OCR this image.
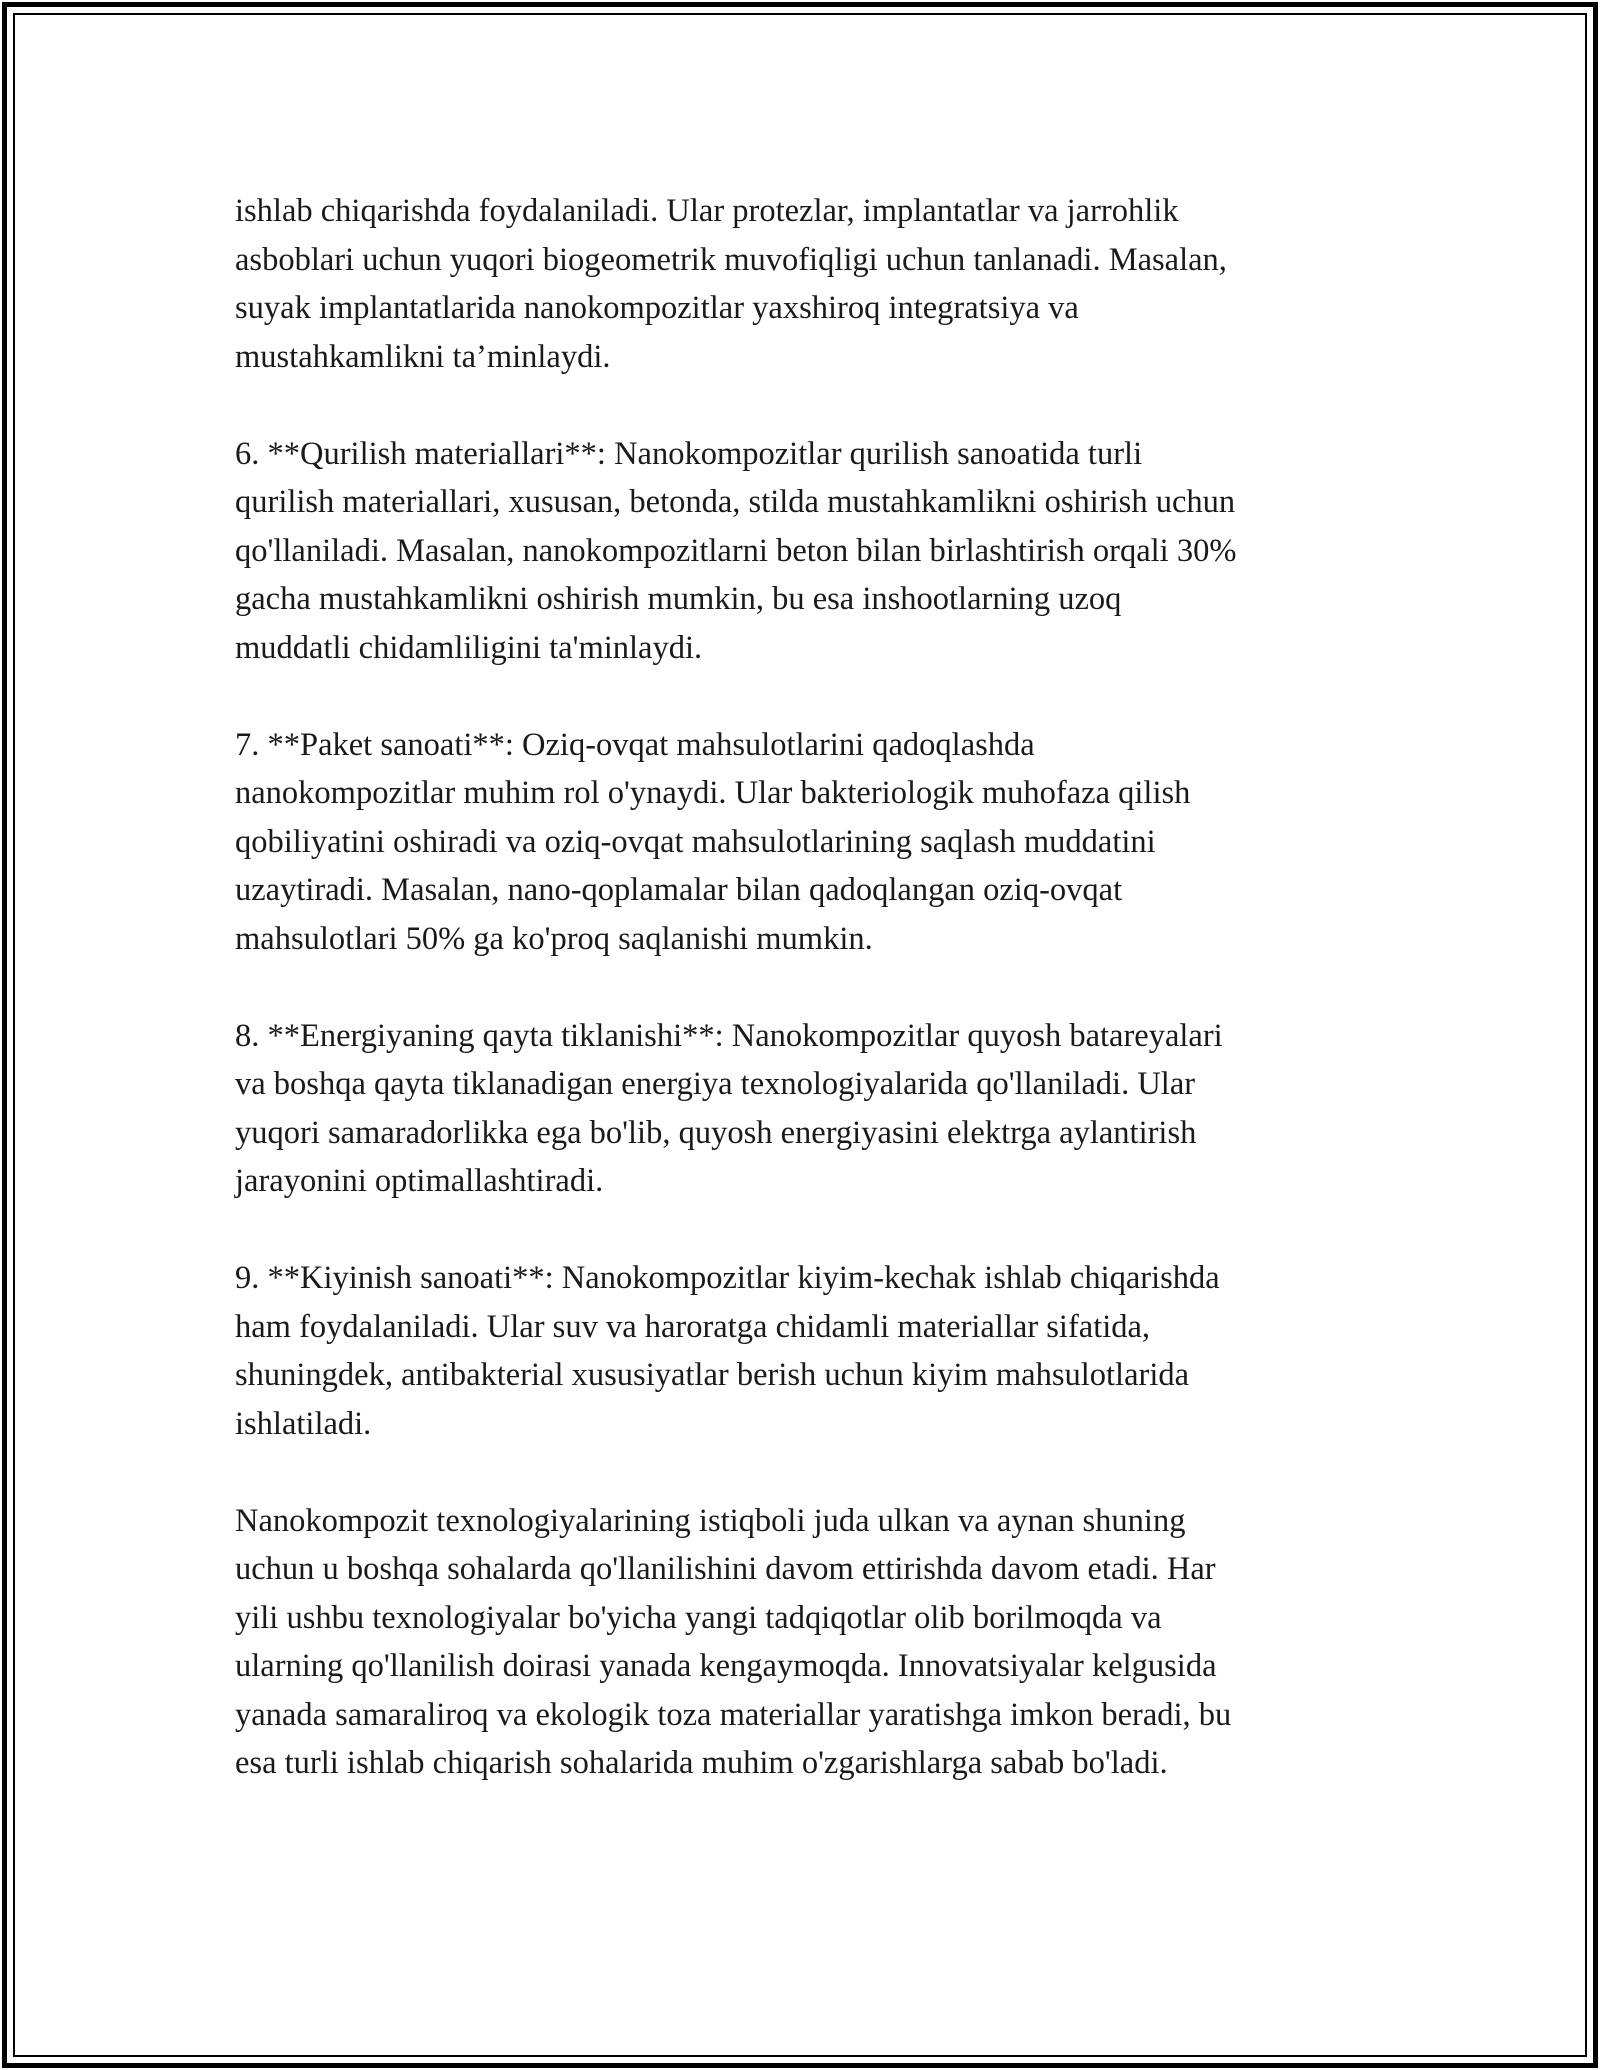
ishlab chiqarishda foydalaniladi. Ular protezlar, implantatlar va jarrohlik
asboblari uchun yuqori biogeometrik muvofiqligi uchun tanlanadi. Masalan,
suyak implantatlarida nanokompozitlar yaxshiroq integratsiya va
mustahkamlikni ta’minlaydi.

6. **Qurilish materiallari**: Nanokompozitlar qurilish sanoatida turli
qurilish materiallari, xususan, betonda, stilda mustahkamlikni oshirish uchun
qo'llaniladi. Masalan, nanokompozitlarni beton bilan birlashtirish orqali 30%
gacha mustahkamlikni oshirish mumkin, bu esa inshootlarning uzoq
muddatli chidamliligini ta'minlaydi.

7. **Paket sanoati**: Oziq-ovqat mahsulotlarini qadoqlashda
nanokompozitlar muhim rol o'ynaydi. Ular bakteriologik muhofaza qilish
qobiliyatini oshiradi va oziq-ovqat mahsulotlarining saqlash muddatini
uzaytiradi. Masalan, nano-qoplamalar bilan qadoqlangan oziq-ovqat
mahsulotlari 50% ga ko'proq saqlanishi mumkin.

8. **Energiyaning qayta tiklanishi**: Nanokompozitlar quyosh batareyalari
va boshqa qayta tiklanadigan energiya texnologiyalarida qo'llaniladi. Ular
yuqori samaradorlikka ega bo'lib, quyosh energiyasini elektrga aylantirish
jarayonini optimallashtiradi.

9. **Kiyinish sanoati**: Nanokompozitlar kiyim-kechak ishlab chiqarishda
ham foydalaniladi. Ular suv va haroratga chidamli materiallar sifatida,
shuningdek, antibakterial xususiyatlar berish uchun kiyim mahsulotlarida
ishlatiladi.

Nanokompozit texnologiyalarining istiqboli juda ulkan va aynan shuning
uchun u boshqa sohalarda qo'llanilishini davom ettirishda davom etadi. Har
yili ushbu texnologiyalar bo'yicha yangi tadqiqotlar olib borilmoqda va
ularning qo'llanilish doirasi yanada kengaymoqda. Innovatsiyalar kelgusida
yanada samaraliroq va ekologik toza materiallar yaratishga imkon beradi, bu
esa turli ishlab chiqarish sohalarida muhim o'zgarishlarga sabab bo'ladi.
